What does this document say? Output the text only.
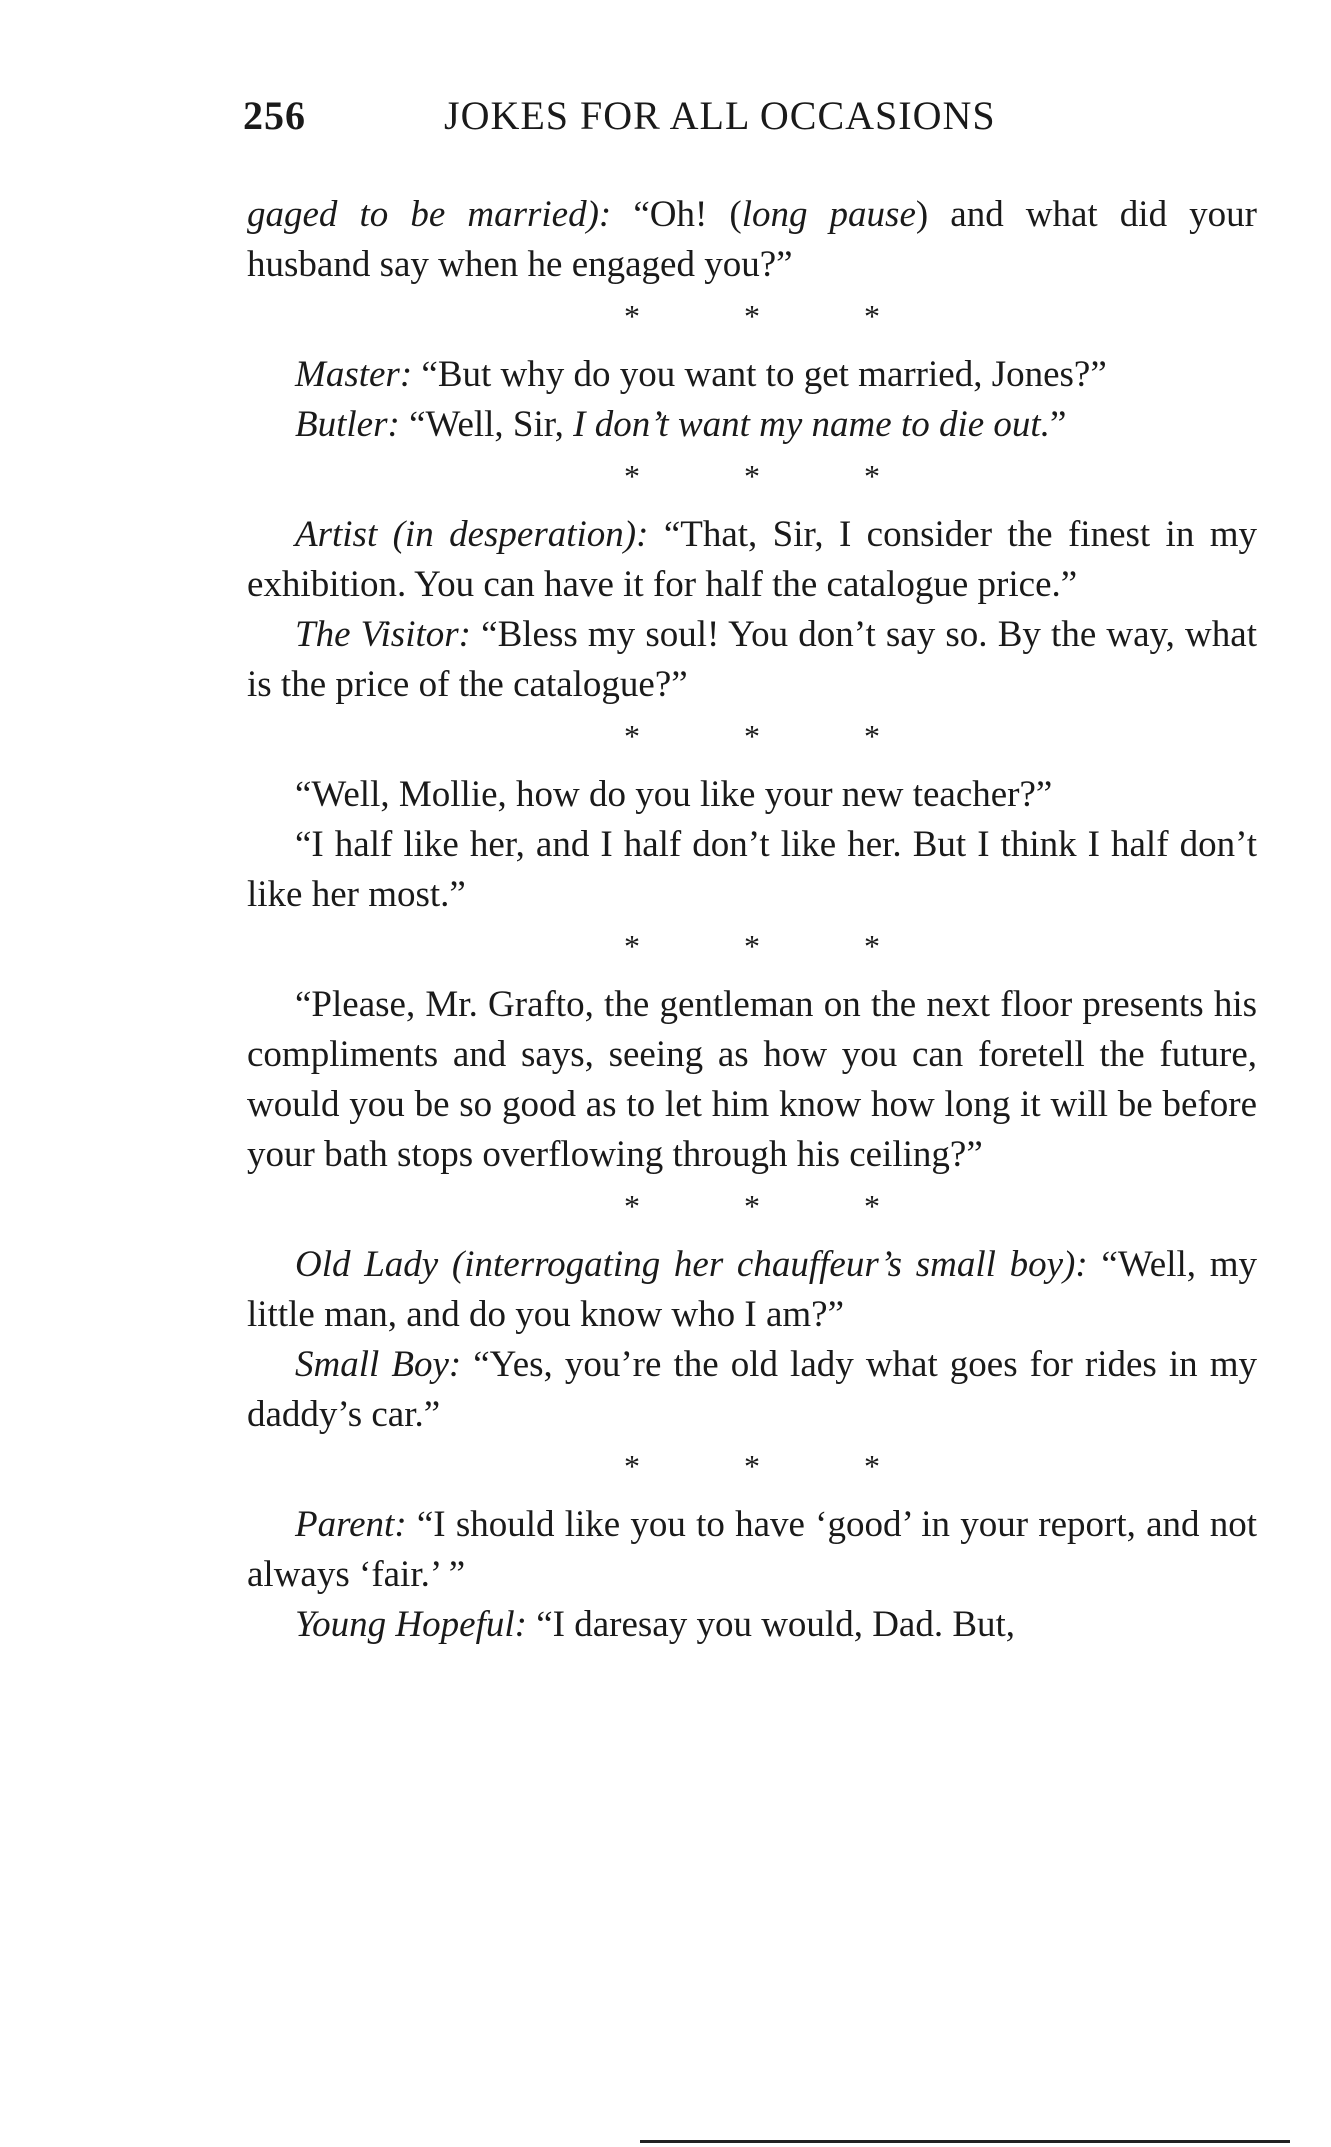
256	JOKES FOR ALL OCCASIONS

gaged to be married): “Oh! (long pause) and what did your husband say when he engaged you?”

* * *

Master: “But why do you want to get married, Jones?”

Butler: “Well, Sir, I don’t want my name to die out.”

* * *

Artist (in desperation): “That, Sir, I consider the finest in my exhibition. You can have it for half the catalogue price.”

The Visitor: “Bless my soul! You don’t say so. By the way, what is the price of the catalogue?”

* * *

“Well, Mollie, how do you like your new teacher?”

“I half like her, and I half don’t like her. But I think I half don’t like her most.”

* * *

“Please, Mr. Grafto, the gentleman on the next floor presents his compliments and says, seeing as how you can foretell the future, would you be so good as to let him know how long it will be before your bath stops overflowing through his ceiling?”

* * *

Old Lady (interrogating her chauffeur’s small boy): “Well, my little man, and do you know who I am?”

Small Boy: “Yes, you’re the old lady what goes for rides in my daddy’s car.”

* * *

Parent: “I should like you to have ‘good’ in your report, and not always ‘fair.’ ”

Young Hopeful: “I daresay you would, Dad. But,
